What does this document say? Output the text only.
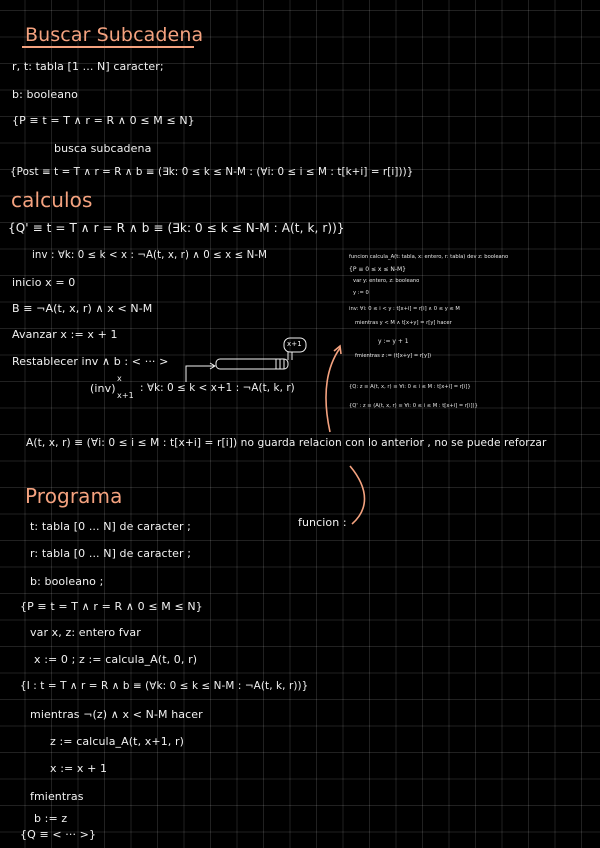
Buscar Subcadena
r, t: tabla [1 ... N] caracter;
b: booleano
{P ≡ t = T ∧ r = R ∧ 0 ≤ M ≤ N}
busca subcadena
{Post ≡ t = T ∧ r = R ∧ b ≡ (∃k: 0 ≤ k ≤ N-M : (∀i: 0 ≤ i ≤ M : t[k+i] = r[i]))}
calculos
{Q' ≡ t = T ∧ r = R ∧ b ≡ (∃k: 0 ≤ k ≤ N-M : A(t, k, r))}
inv : ∀k: 0 ≤ k < x : ¬A(t, x, r) ∧ 0 ≤ x ≤ N-M
inicio x = 0
B ≡ ¬A(t, x, r) ∧ x < N-M
Avanzar x := x + 1
Restablecer inv ∧ b : < ··· >
(inv)
x
x+1
: ∀k: 0 ≤ k < x+1 : ¬A(t, k, r)
x+1
A(t, x, r) ≡ (∀i: 0 ≤ i ≤ M : t[x+i] = r[i]) no guarda relacion con lo anterior , no se puede reforzar
funcion :
funcion calcula_A(t: tabla, x: entero, r: tabla) dev z: booleano
{P ≡ 0 ≤ x ≤ N-M}
var y: entero, z: booleano
y := 0
inv: ∀i: 0 ≤ i < y : t[x+i] = r[i] ∧ 0 ≤ y ≤ M
mientras y < M ∧ t[x+y] = r[y] hacer
y := y + 1
fmientras z := (t[x+y] = r[y])
{Q: z ≡ A(t, x, r) ≡ ∀i: 0 ≤ i ≤ M : t[x+i] = r[i]}
{Q' : z ≡ (A(t, x, r) ≡ ∀i: 0 ≤ i ≤ M : t[x+i] = r[i])}
Programa
t: tabla [0 ... N] de caracter ;
r: tabla [0 ... N] de caracter ;
b: booleano ;
{P ≡ t = T ∧ r = R ∧ 0 ≤ M ≤ N}
var x, z: entero fvar
x := 0 ; z := calcula_A(t, 0, r)
{I : t = T ∧ r = R ∧ b ≡ (∀k: 0 ≤ k ≤ N-M : ¬A(t, k, r))}
mientras ¬(z) ∧ x < N-M hacer
z := calcula_A(t, x+1, r)
x := x + 1
fmientras
b := z
{Q ≡ < ··· >}
